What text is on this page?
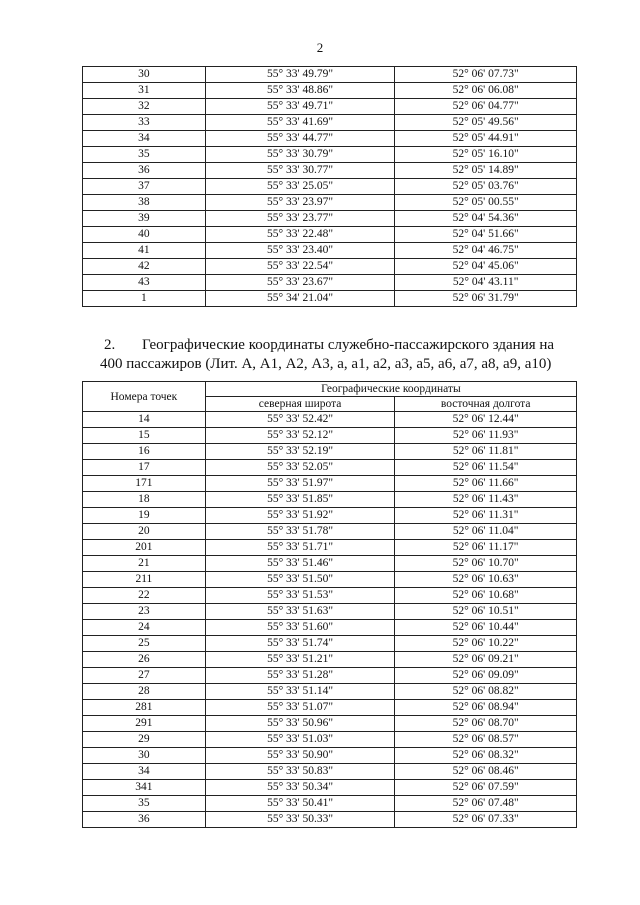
2
30	55° 33' 49.79"	52° 06' 07.73"
31	55° 33' 48.86"	52° 06' 06.08"
32	55° 33' 49.71"	52° 06' 04.77"
33	55° 33' 41.69"	52° 05' 49.56"
34	55° 33' 44.77"	52° 05' 44.91"
35	55° 33' 30.79"	52° 05' 16.10"
36	55° 33' 30.77"	52° 05' 14.89"
37	55° 33' 25.05"	52° 05' 03.76"
38	55° 33' 23.97"	52° 05' 00.55"
39	55° 33' 23.77"	52° 04' 54.36"
40	55° 33' 22.48"	52° 04' 51.66"
41	55° 33' 23.40"	52° 04' 46.75"
42	55° 33' 22.54"	52° 04' 45.06"
43	55° 33' 23.67"	52° 04' 43.11"
1	55° 34' 21.04"	52° 06' 31.79"
2. Географические координаты служебно-пассажирского здания на
400 пассажиров (Лит. А, А1, А2, А3, а, а1, а2, а3, а5, а6, а7, а8, а9, а10)
Номера точек	Географические координаты	
	северная широта	восточная долгота
14	55° 33' 52.42"	52° 06' 12.44"
15	55° 33' 52.12"	52° 06' 11.93"
16	55° 33' 52.19"	52° 06' 11.81"
17	55° 33' 52.05"	52° 06' 11.54"
171	55° 33' 51.97"	52° 06' 11.66"
18	55° 33' 51.85"	52° 06' 11.43"
19	55° 33' 51.92"	52° 06' 11.31"
20	55° 33' 51.78"	52° 06' 11.04"
201	55° 33' 51.71"	52° 06' 11.17"
21	55° 33' 51.46"	52° 06' 10.70"
211	55° 33' 51.50"	52° 06' 10.63"
22	55° 33' 51.53"	52° 06' 10.68"
23	55° 33' 51.63"	52° 06' 10.51"
24	55° 33' 51.60"	52° 06' 10.44"
25	55° 33' 51.74"	52° 06' 10.22"
26	55° 33' 51.21"	52° 06' 09.21"
27	55° 33' 51.28"	52° 06' 09.09"
28	55° 33' 51.14"	52° 06' 08.82"
281	55° 33' 51.07"	52° 06' 08.94"
291	55° 33' 50.96"	52° 06' 08.70"
29	55° 33' 51.03"	52° 06' 08.57"
30	55° 33' 50.90"	52° 06' 08.32"
34	55° 33' 50.83"	52° 06' 08.46"
341	55° 33' 50.34"	52° 06' 07.59"
35	55° 33' 50.41"	52° 06' 07.48"
36	55° 33' 50.33"	52° 06' 07.33"
